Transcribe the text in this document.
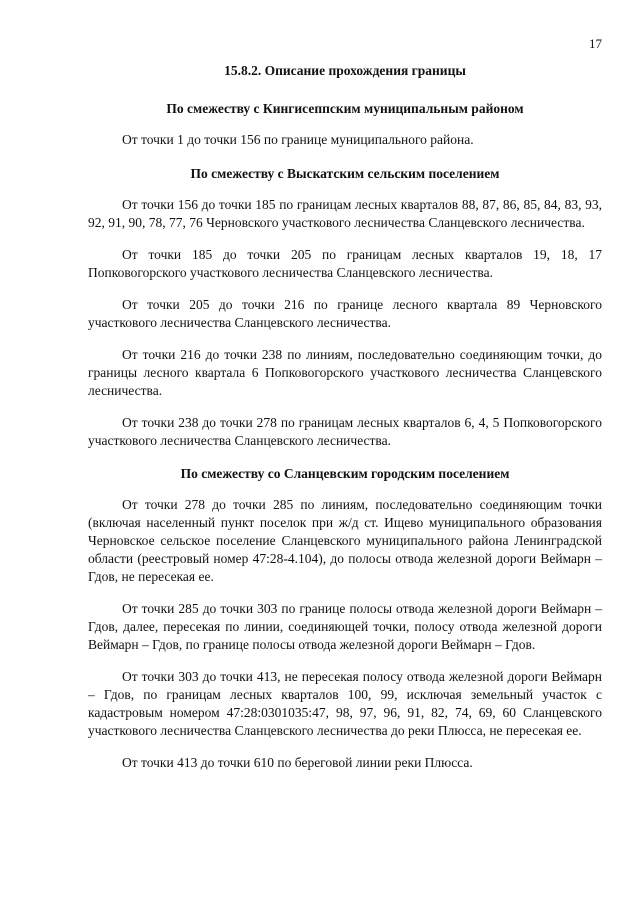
17

15.8.2. Описание прохождения границы

По смежеству с Кингисеппским муниципальным районом

От точки 1 до точки 156 по границе муниципального района.

По смежеству с Выскатским сельским поселением

От точки 156 до точки 185 по границам лесных кварталов 88, 87, 86, 85, 84, 83, 93, 92, 91, 90, 78, 77, 76 Черновского участкового лесничества Сланцевского лесничества.

От точки 185 до точки 205 по границам лесных кварталов 19, 18, 17 Попковогорского участкового лесничества Сланцевского лесничества.

От точки 205 до точки 216 по границе лесного квартала 89 Черновского участкового лесничества Сланцевского лесничества.

От точки 216 до точки 238 по линиям, последовательно соединяющим точки, до границы лесного квартала 6 Попковогорского участкового лесничества Сланцевского лесничества.

От точки 238 до точки 278 по границам лесных кварталов 6, 4, 5 Попковогорского участкового лесничества Сланцевского лесничества.

По смежеству со Сланцевским городским поселением

От точки 278 до точки 285 по линиям, последовательно соединяющим точки (включая населенный пункт поселок при ж/д ст. Ищево муниципального образования Черновское сельское поселение Сланцевского муниципального района Ленинградской области (реестровый номер 47:28-4.104), до полосы отвода железной дороги Веймарн – Гдов, не пересекая ее.

От точки 285 до точки 303 по границе полосы отвода железной дороги Веймарн – Гдов, далее, пересекая по линии, соединяющей точки, полосу отвода железной дороги Веймарн – Гдов, по границе полосы отвода железной дороги Веймарн – Гдов.

От точки 303 до точки 413, не пересекая полосу отвода железной дороги Веймарн – Гдов, по границам лесных кварталов 100, 99, исключая земельный участок с кадастровым номером 47:28:0301035:47, 98, 97, 96, 91, 82, 74, 69, 60 Сланцевского участкового лесничества Сланцевского лесничества до реки Плюсса, не пересекая ее.

От точки 413 до точки 610 по береговой линии реки Плюсса.
